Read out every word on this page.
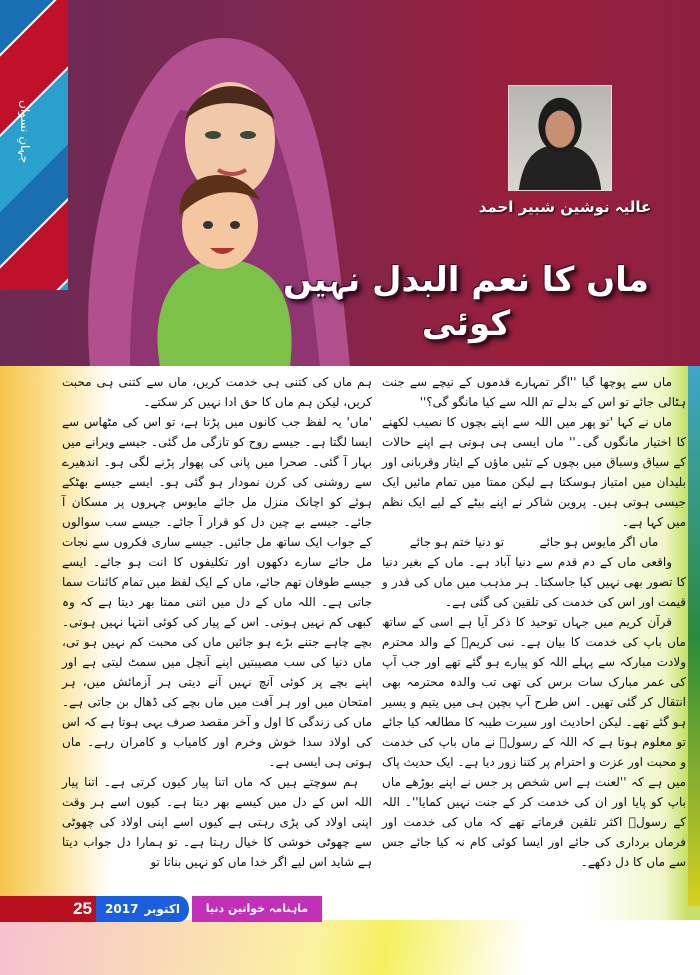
جہانِ نسواں
عالیہ نوشین شبیر احمد
ماں کا نعم البدل نہیں کوئی
ماں سے پوچھا گیا ''اگر تمہارے قدموں کے نیچے سے جنت ہٹالی جائے تو اس کے بدلے تم اللہ سے کیا مانگو گی؟''
ماں نے کہا 'تو پھر میں اللہ سے اپنے بچوں کا نصیب لکھنے کا اختیار مانگوں گی۔'' ماں ایسی ہی ہوتی ہے اپنے حالات کے سیاق وسباق میں بچوں کے تئیں ماؤں کے ایثار وقربانی اور بلیدان میں امتیاز ہوسکتا ہے لیکن ممتا میں تمام مائیں ایک جیسی ہوتی ہیں۔ پروین شاکر نے اپنے بیٹے کے لیے ایک نظم میں کہا ہے۔
ماں اگر مایوس ہو جائے
تو دنیا ختم ہو جائے
واقعی ماں کے دم قدم سے دنیا آباد ہے۔ ماں کے بغیر دنیا کا تصور بھی نہیں کیا جاسکتا۔ ہر مذہب میں ماں کی قدر و قیمت اور اس کی خدمت کی تلقین کی گئی ہے۔
قرآن کریم میں جہاں توحید کا ذکر آیا ہے اسی کے ساتھ ماں باپ کی خدمت کا بیان ہے۔ نبی کریمؐ کے والد محترم ولادت مبارکہ سے پہلے اللہ کو پیارے ہو گئے تھے اور جب آپ کی عمر مبارک سات برس کی تھی تب والدہ محترمہ بھی انتقال کر گئی تھیں۔ اس طرح آپ بچپن ہی میں یتیم و یسیر ہو گئے تھے۔ لیکن احادیث اور سیرت طیبہ کا مطالعہ کیا جائے تو معلوم ہوتا ہے کہ اللہ کے رسولؐ نے ماں باپ کی خدمت و محبت اور عزت و احترام پر کتنا زور دیا ہے۔ ایک حدیث پاک میں ہے کہ ''لعنت ہے اس شخص پر جس نے اپنے بوڑھے ماں باپ کو پایا اور ان کی خدمت کر کے جنت نہیں کمایا''۔ اللہ کے رسولؐ اکثر تلقین فرماتے تھے کہ ماں کی خدمت اور فرماں برداری کی جائے اور ایسا کوئی کام نہ کیا جائے جس سے ماں کا دل دکھے۔
ہم ماں کی کتنی ہی خدمت کریں، ماں سے کتنی ہی محبت کریں، لیکن ہم ماں کا حق ادا نہیں کر سکتے۔
'ماں' یہ لفظ جب کانوں میں پڑتا ہے، تو اس کی مٹھاس سے ایسا لگتا ہے۔ جیسے روح کو تازگی مل گئی۔ جیسے ویرانے میں بہار آ گئی۔ صحرا میں پانی کی پھوار پڑنے لگی ہو۔ اندھیرے سے روشنی کی کرن نمودار ہو گئی ہو۔ ایسے جیسے بھٹکے ہوئے کو اچانک منزل مل جائے مایوس چہروں پر مسکان آ جائے۔ جیسے بے چین دل کو قرار آ جائے۔ جیسے سب سوالوں کے جواب ایک ساتھ مل جائیں۔ جیسے ساری فکروں سے نجات مل جائے سارے دکھوں اور تکلیفوں کا انت ہو جائے۔ ایسے جیسے طوفان تھم جائے، ماں کے ایک لفظ میں تمام کائنات سما جاتی ہے۔ اللہ ماں کے دل میں اتنی ممتا بھر دیتا ہے کہ وہ کبھی کم نہیں ہوتی۔ اس کے پیار کی کوئی انتہا نہیں ہوتی۔ بچے چاہے جتنے بڑے ہو جائیں ماں کی محبت کم نہیں ہو تی، ماں دنیا کی سب مصیبتیں اپنے آنچل میں سمٹ لیتی ہے اور اپنے بچے پر کوئی آنچ نہیں آنے دیتی ہر آزمائش میں، ہر امتحان میں اور ہر آفت میں ماں بچے کی ڈھال بن جاتی ہے۔ ماں کی زندگی کا اول و آخر مقصد صرف یہی ہوتا ہے کہ اس کی اولاد سدا خوش وخرم اور کامیاب و کامران رہے۔ ماں ہوتی ہی ایسی ہے۔
ہم سوچتے ہیں کہ ماں اتنا پیار کیوں کرتی ہے۔ اتنا پیار اللہ اس کے دل میں کیسے بھر دیتا ہے۔ کیوں اسے ہر وقت اپنی اولاد کی پڑی رہتی ہے کیوں اسے اپنی اولاد کی چھوٹی سے چھوٹی خوشی کا خیال رہتا ہے۔ تو ہمارا دل جواب دیتا ہے شاید اس لیے اگر خدا ماں کو نہیں بناتا تو
25	2017 اکتوبر	ماہنامہ خواتین دنیا
